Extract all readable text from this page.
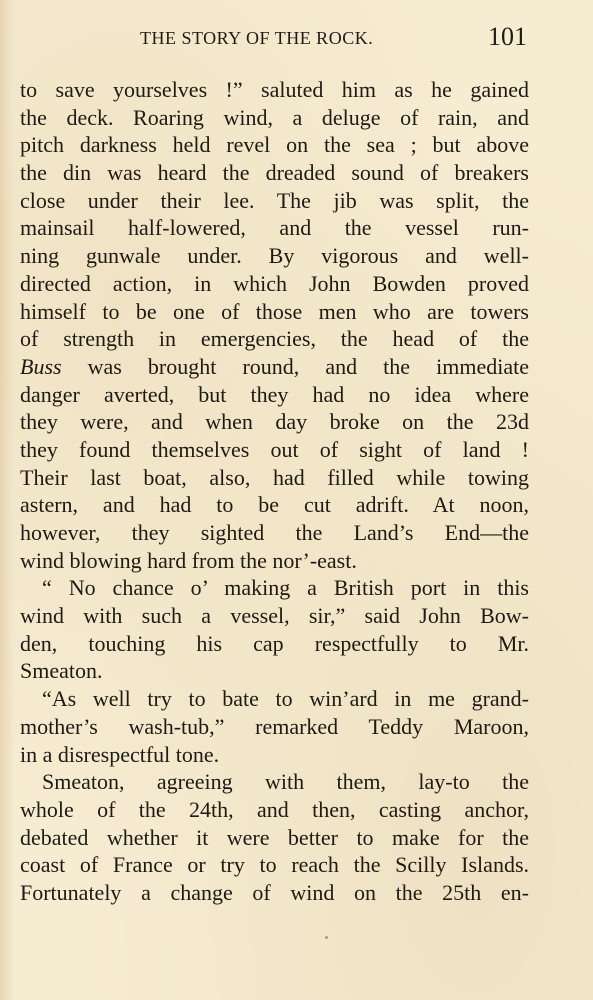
THE STORY OF THE ROCK.	101
to save yourselves !” saluted him as he gained
the deck. Roaring wind, a deluge of rain, and
pitch darkness held revel on the sea ; but above
the din was heard the dreaded sound of breakers
close under their lee. The jib was split, the
mainsail half-lowered, and the vessel run-
ning gunwale under. By vigorous and well-
directed action, in which John Bowden proved
himself to be one of those men who are towers
of strength in emergencies, the head of the
Buss was brought round, and the immediate
danger averted, but they had no idea where
they were, and when day broke on the 23d
they found themselves out of sight of land !
Their last boat, also, had filled while towing
astern, and had to be cut adrift. At noon,
however, they sighted the Land’s End—the
wind blowing hard from the nor’-east.
“ No chance o’ making a British port in this
wind with such a vessel, sir,” said John Bow-
den, touching his cap respectfully to Mr.
Smeaton.
“As well try to bate to win’ard in me grand-
mother’s wash-tub,” remarked Teddy Maroon,
in a disrespectful tone.
Smeaton, agreeing with them, lay-to the
whole of the 24th, and then, casting anchor,
debated whether it were better to make for the
coast of France or try to reach the Scilly Islands.
Fortunately a change of wind on the 25th en-
